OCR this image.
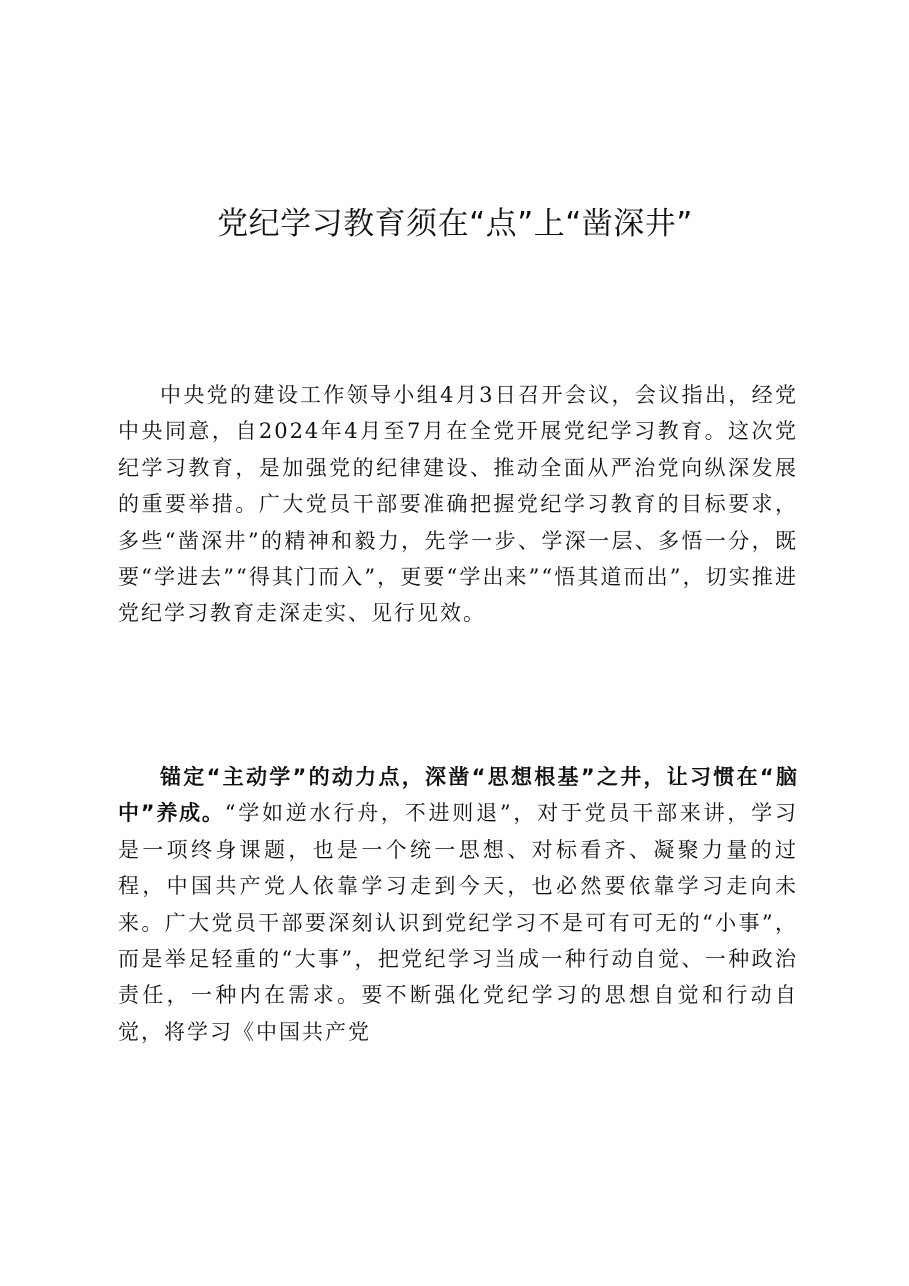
党纪学习教育须在“点”上“凿深井”

中央党的建设工作领导小组4月3日召开会议，会议指出，经党中央同意，自2024年4月至7月在全党开展党纪学习教育。这次党纪学习教育，是加强党的纪律建设、推动全面从严治党向纵深发展的重要举措。广大党员干部要准确把握党纪学习教育的目标要求，多些“凿深井”的精神和毅力，先学一步、学深一层、多悟一分，既要“学进去”“得其门而入”，更要“学出来”“悟其道而出”，切实推进党纪学习教育走深走实、见行见效。

锚定“主动学”的动力点，深凿“思想根基”之井，让习惯在“脑中”养成。“学如逆水行舟，不进则退”，对于党员干部来讲，学习是一项终身课题，也是一个统一思想、对标看齐、凝聚力量的过程，中国共产党人依靠学习走到今天，也必然要依靠学习走向未来。广大党员干部要深刻认识到党纪学习不是可有可无的“小事”，而是举足轻重的“大事”，把党纪学习当成一种行动自觉、一种政治责任，一种内在需求。要不断强化党纪学习的思想自觉和行动自觉，将学习《中国共产党
